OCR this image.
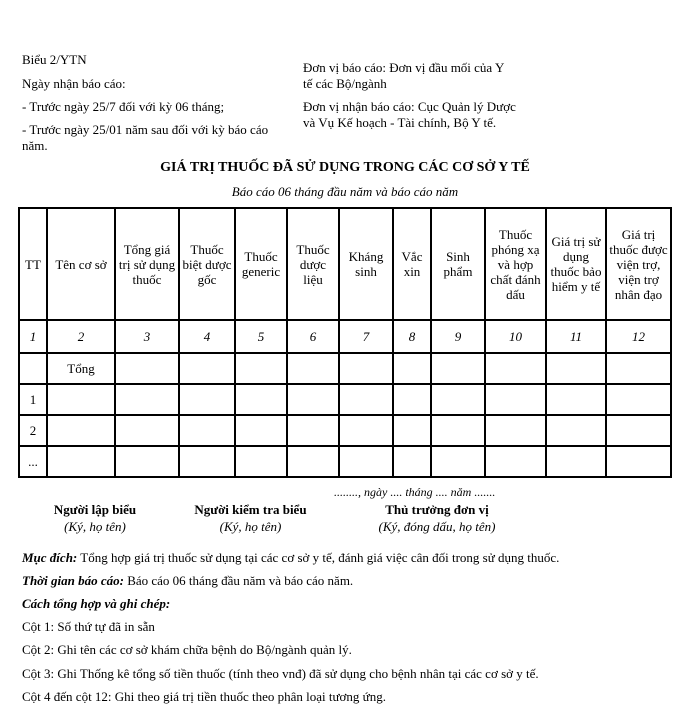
Biểu 2/YTN
Ngày nhận báo cáo:
- Trước ngày 25/7 đối với kỳ 06 tháng;
- Trước ngày 25/01 năm sau đối với kỳ báo cáo
năm.
Đơn vị báo cáo: Đơn vị đầu mối của Y
tế các Bộ/ngành
Đơn vị nhận báo cáo: Cục Quản lý Dược
và Vụ Kế hoạch - Tài chính, Bộ Y tế.
GIÁ TRỊ THUỐC ĐÃ SỬ DỤNG TRONG CÁC CƠ SỞ Y TẾ
Báo cáo 06 tháng đầu năm và báo cáo năm
TT	Tên cơ sở	Tổng giá trị sử dụng thuốc	Thuốc biệt dược gốc	Thuốc generic	Thuốc dược liệu	Kháng sinh	Vắc xin	Sinh phẩm	Thuốc phóng xạ và hợp chất đánh dấu	Giá trị sử dụng thuốc bảo hiểm y tế	Giá trị thuốc được viện trợ, viện trợ nhân đạo
1	2	3	4	5	6	7	8	9	10	11	12
	Tổng										
1											
2											
...											
........, ngày .... tháng .... năm .......
Người lập biểu
(Ký, họ tên)
Người kiểm tra biểu
(Ký, họ tên)
Thủ trưởng đơn vị
(Ký, đóng dấu, họ tên)
Mục đích: Tổng hợp giá trị thuốc sử dụng tại các cơ sở y tế, đánh giá việc cân đối trong sử dụng thuốc.
Thời gian báo cáo: Báo cáo 06 tháng đầu năm và báo cáo năm.
Cách tổng hợp và ghi chép:
Cột 1: Số thứ tự đã in sẵn
Cột 2: Ghi tên các cơ sở khám chữa bệnh do Bộ/ngành quản lý.
Cột 3: Ghi Thống kê tổng số tiền thuốc (tính theo vnđ) đã sử dụng cho bệnh nhân tại các cơ sở y tế.
Cột 4 đến cột 12: Ghi theo giá trị tiền thuốc theo phân loại tương ứng.
